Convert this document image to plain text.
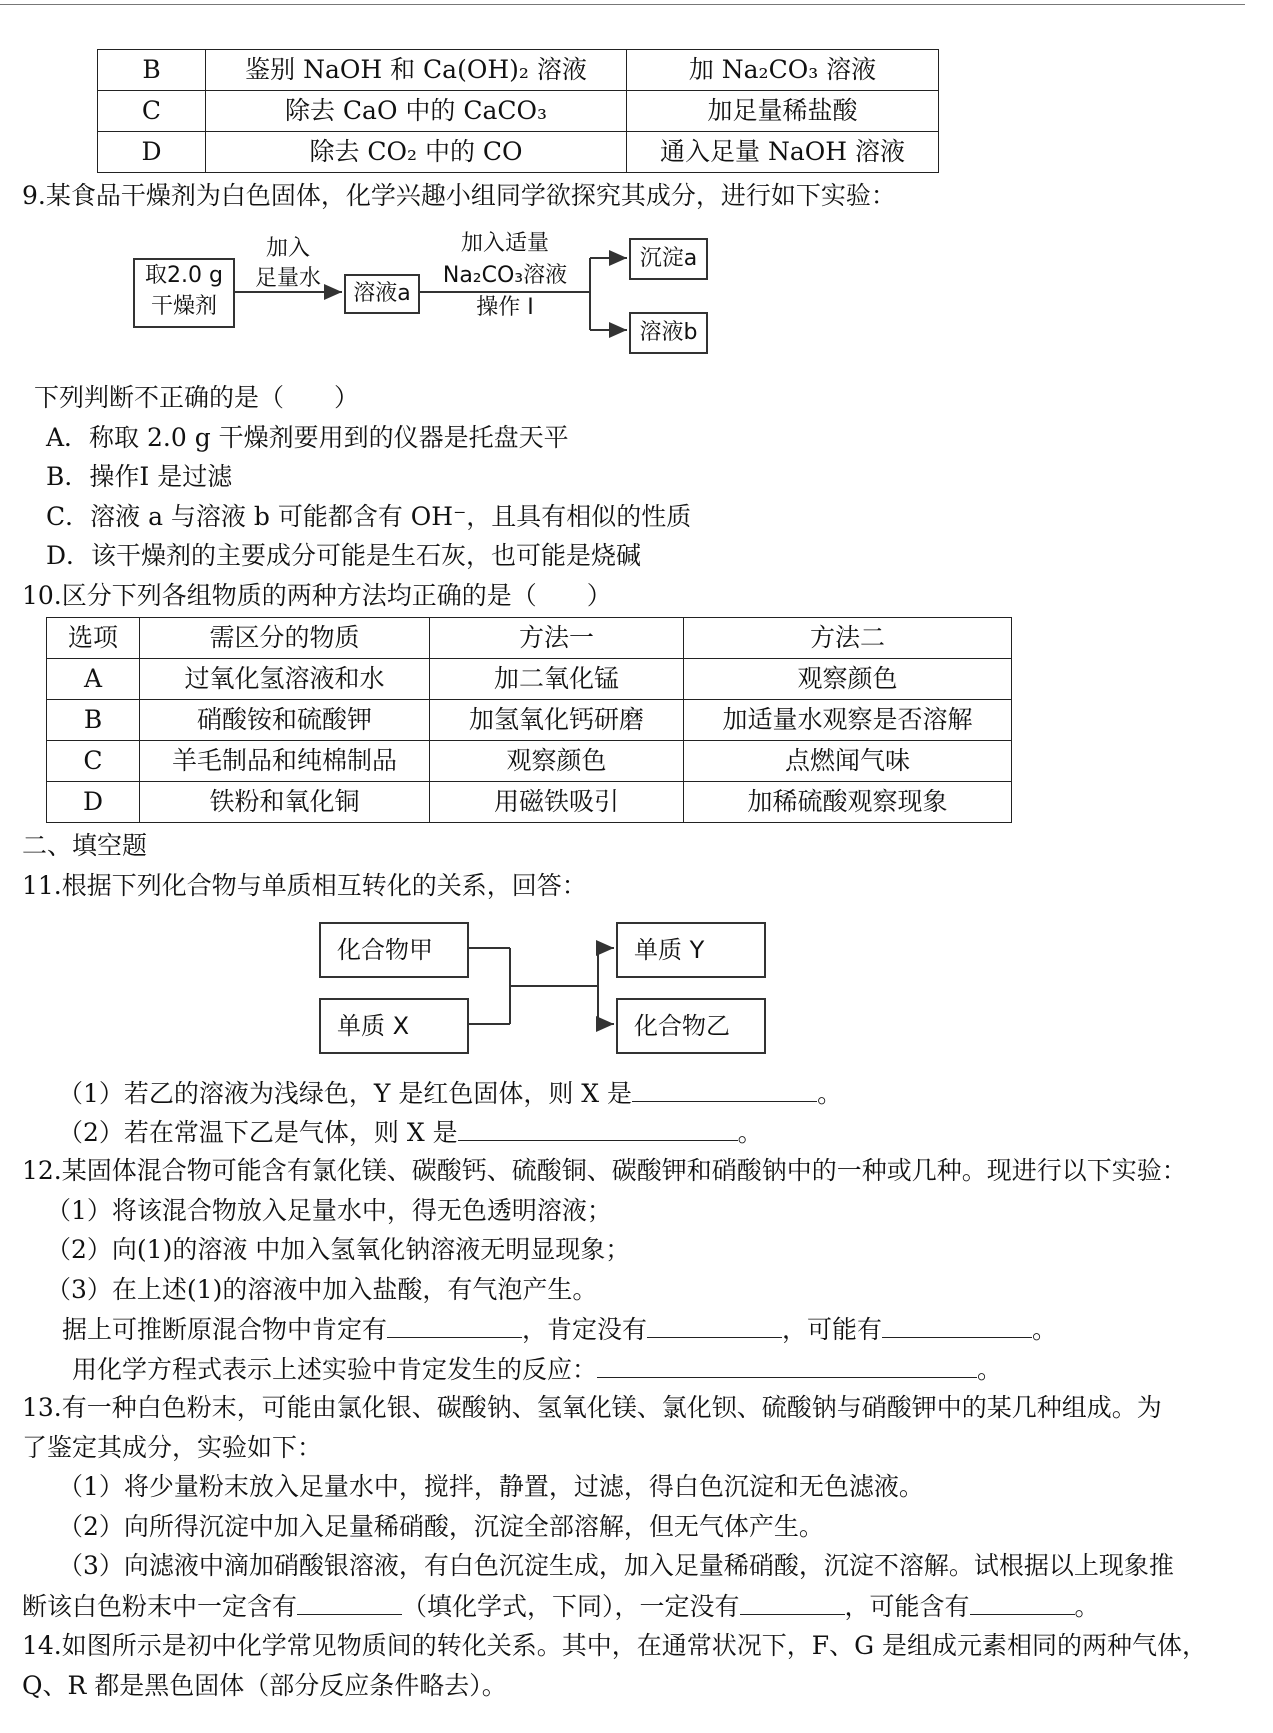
B	鉴别 NaOH 和 Ca(OH)₂ 溶液	加 Na₂CO₃ 溶液
C	除去 CaO 中的 CaCO₃	加足量稀盐酸
D	除去 CO₂ 中的 CO	通入足量 NaOH 溶液
9.某食品干燥剂为白色固体，化学兴趣小组同学欲探究其成分，进行如下实验：
取2.0 g
干燥剂
加入
足量水
溶液a
加入适量
Na₂CO₃溶液
操作 I
沉淀a
溶液b
下列判断不正确的是（　　）
A．称取 2.0 g 干燥剂要用到的仪器是托盘天平
B．操作Ⅰ 是过滤
C．溶液 a 与溶液 b 可能都含有 OH⁻，且具有相似的性质
D．该干燥剂的主要成分可能是生石灰，也可能是烧碱
10.区分下列各组物质的两种方法均正确的是（　　）
选项	需区分的物质	方法一	方法二
A	过氧化氢溶液和水	加二氧化锰	观察颜色
B	硝酸铵和硫酸钾	加氢氧化钙研磨	加适量水观察是否溶解
C	羊毛制品和纯棉制品	观察颜色	点燃闻气味
D	铁粉和氧化铜	用磁铁吸引	加稀硫酸观察现象
二、填空题
11.根据下列化合物与单质相互转化的关系，回答：
化合物甲
单质 X
单质 Y
化合物乙
（1）若乙的溶液为浅绿色，Y 是红色固体，则 X 是	。
（2）若在常温下乙是气体，则 X 是	。
12.某固体混合物可能含有氯化镁、碳酸钙、硫酸铜、碳酸钾和硝酸钠中的一种或几种。现进行以下实验：
（1）将该混合物放入足量水中，得无色透明溶液；
（2）向(1)的溶液 中加入氢氧化钠溶液无明显现象；
（3）在上述(1)的溶液中加入盐酸，有气泡产生。
据上可推断原混合物中肯定有	，肯定没有	，可能有	。
用化学方程式表示上述实验中肯定发生的反应：	。
13.有一种白色粉末，可能由氯化银、碳酸钠、氢氧化镁、氯化钡、硫酸钠与硝酸钾中的某几种组成。为
了鉴定其成分，实验如下：
（1）将少量粉末放入足量水中，搅拌，静置，过滤，得白色沉淀和无色滤液。
（2）向所得沉淀中加入足量稀硝酸，沉淀全部溶解，但无气体产生。
（3）向滤液中滴加硝酸银溶液，有白色沉淀生成，加入足量稀硝酸，沉淀不溶解。试根据以上现象推
断该白色粉末中一定含有	（填化学式，下同），一定没有	，可能含有	。
14.如图所示是初中化学常见物质间的转化关系。其中，在通常状况下，F、G 是组成元素相同的两种气体，
Q、R 都是黑色固体（部分反应条件略去）。
